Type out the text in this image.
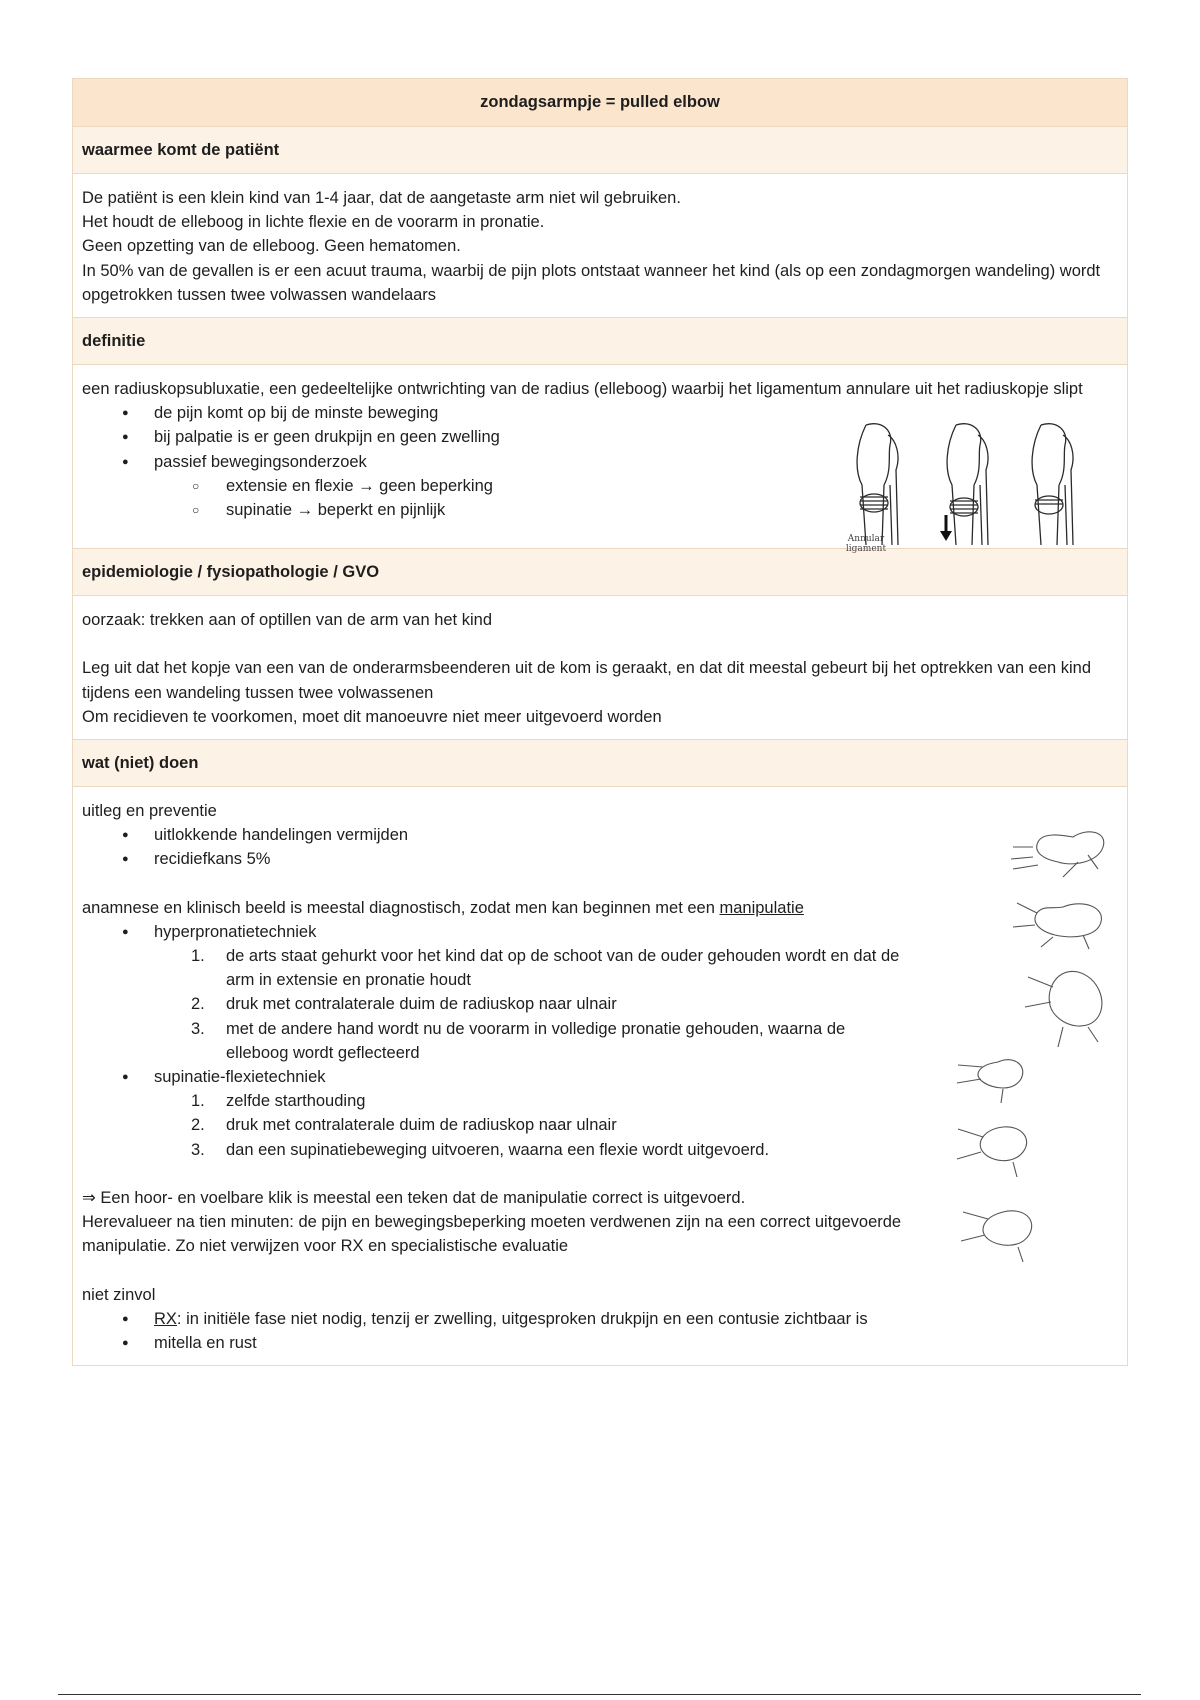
zondagsarmpje = pulled elbow
waarmee komt de patiënt

De patiënt is een klein kind van 1-4 jaar, dat de aangetaste arm niet wil gebruiken.

Het houdt de elleboog in lichte flexie en de voorarm in pronatie.

Geen opzetting van de elleboog. Geen hematomen.

In 50% van de gevallen is er een acuut trauma, waarbij de pijn plots ontstaat wanneer het kind (als op een zondagmorgen wandeling) wordt opgetrokken tussen twee volwassen wandelaars

definitie

een radiuskopsubluxatie, een gedeeltelijke ontwrichting van de radius (elleboog) waarbij het ligamentum annulare uit het radiuskopje slipt

● de pijn komt op bij de minste beweging
● bij palpatie is er geen drukpijn en geen zwelling
● passief bewegingsonderzoek
○ extensie en flexie → geen beperking
○ supinatie → beperkt en pijnlijk
Annular
ligament
epidemiologie / fysiopathologie / GVO

oorzaak: trekken aan of optillen van de arm van het kind

Leg uit dat het kopje van een van de onderarmsbeenderen uit de kom is geraakt, en dat dit meestal gebeurt bij het optrekken van een kind tijdens een wandeling tussen twee volwassenen

Om recidieven te voorkomen, moet dit manoeuvre niet meer uitgevoerd worden

wat (niet) doen

uitleg en preventie

● uitlokkende handelingen vermijden
● recidiefkans 5%

anamnese en klinisch beeld is meestal diagnostisch, zodat men kan beginnen met een manipulatie

● hyperpronatietechniek
1. de arts staat gehurkt voor het kind dat op de schoot van de ouder gehouden wordt en dat de arm in extensie en pronatie houdt
2. druk met contralaterale duim de radiuskop naar ulnair
3. met de andere hand wordt nu de voorarm in volledige pronatie gehouden, waarna de elleboog wordt geflecteerd
● supinatie-flexietechniek
1. zelfde starthouding
2. druk met contralaterale duim de radiuskop naar ulnair
3. dan een supinatiebeweging uitvoeren, waarna een flexie wordt uitgevoerd.

⇒ Een hoor- en voelbare klik is meestal een teken dat de manipulatie correct is uitgevoerd.

Herevalueer na tien minuten: de pijn en bewegingsbeperking moeten verdwenen zijn na een correct uitgevoerde manipulatie. Zo niet verwijzen voor RX en specialistische evaluatie

niet zinvol

● RX: in initiële fase niet nodig, tenzij er zwelling, uitgesproken drukpijn en een contusie zichtbaar is
● mitella en rust
